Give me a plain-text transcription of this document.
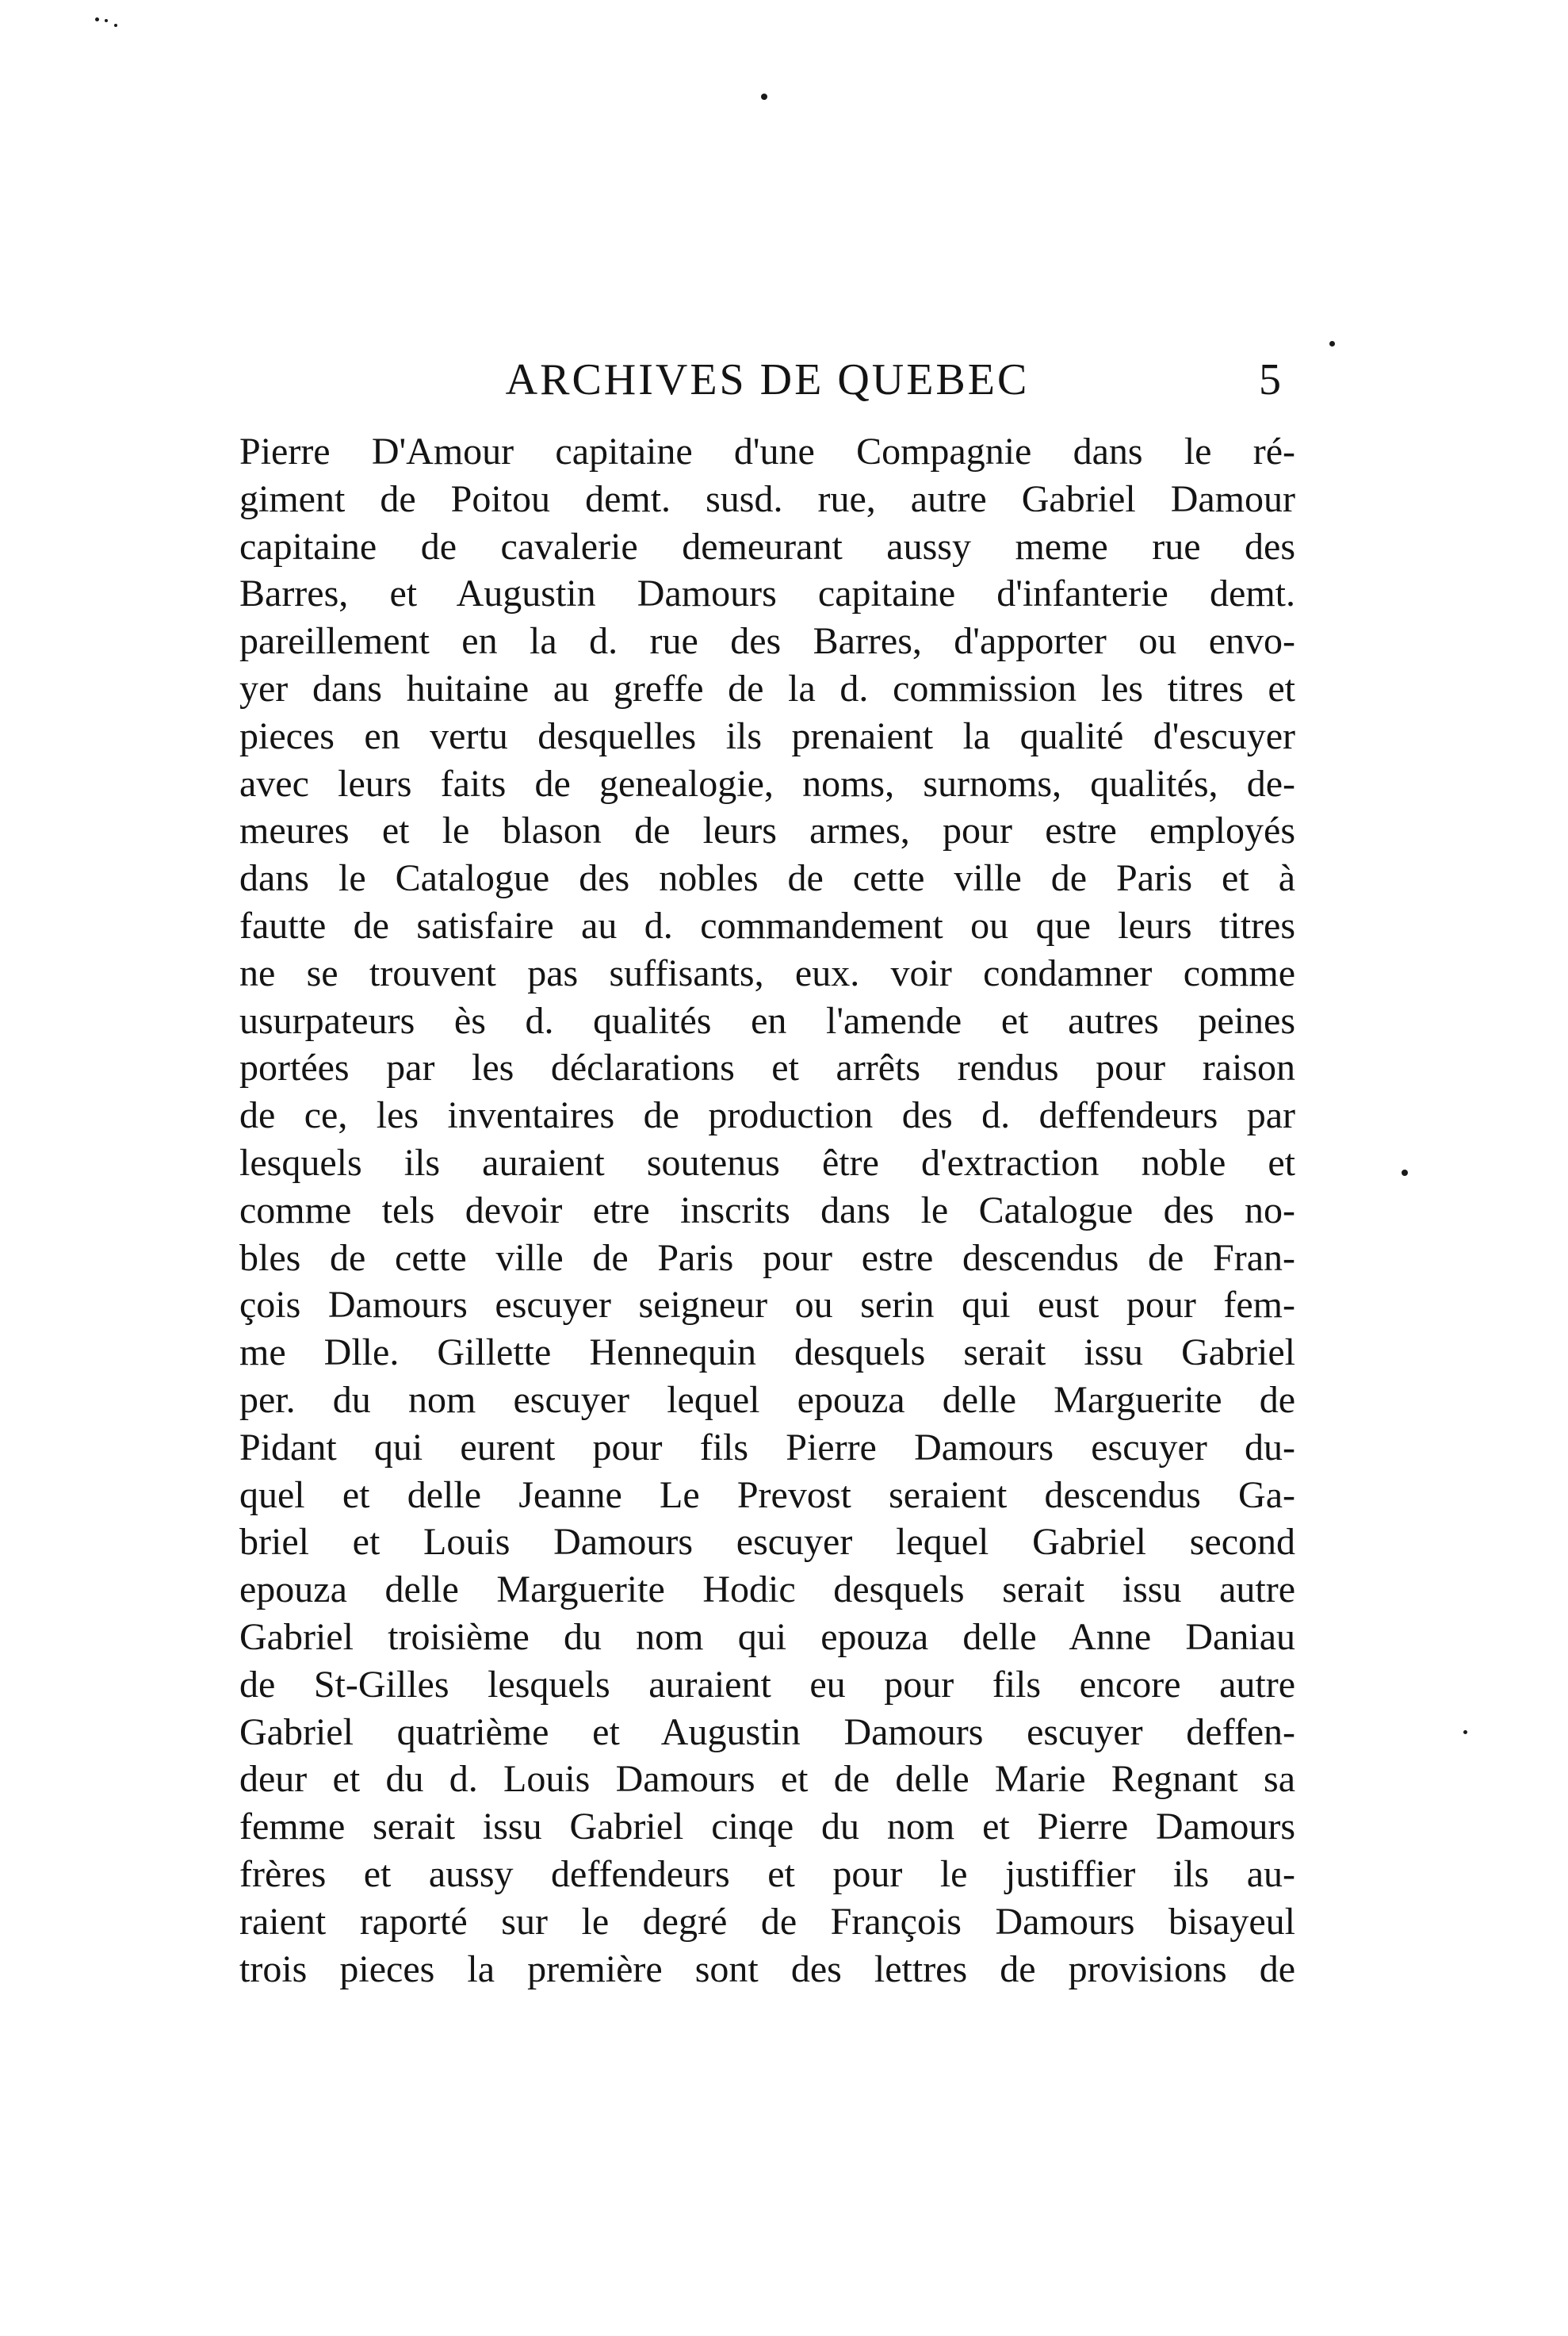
ARCHIVES DE QUEBEC	5
Pierre D'Amour capitaine d'une Compagnie dans le ré-
giment de Poitou demt. susd. rue, autre Gabriel Damour
capitaine de cavalerie demeurant aussy meme rue des
Barres, et Augustin Damours capitaine d'infanterie demt.
pareillement en la d. rue des Barres, d'apporter ou envo-
yer dans huitaine au greffe de la d. commission les titres et
pieces en vertu desquelles ils prenaient la qualité d'escuyer
avec leurs faits de genealogie, noms, surnoms, qualités, de-
meures et le blason de leurs armes, pour estre employés
dans le Catalogue des nobles de cette ville de Paris et à
fautte de satisfaire au d. commandement ou que leurs titres
ne se trouvent pas suffisants, eux. voir condamner comme
usurpateurs ès d. qualités en l'amende et autres peines
portées par les déclarations et arrêts rendus pour raison
de ce, les inventaires de production des d. deffendeurs par
lesquels ils auraient soutenus être d'extraction noble et
comme tels devoir etre inscrits dans le Catalogue des no-
bles de cette ville de Paris pour estre descendus de Fran-
çois Damours escuyer seigneur ou serin qui eust pour fem-
me Dlle. Gillette Hennequin desquels serait issu Gabriel
per. du nom escuyer lequel epouza delle Marguerite de
Pidant qui eurent pour fils Pierre Damours escuyer du-
quel et delle Jeanne Le Prevost seraient descendus Ga-
briel et Louis Damours escuyer lequel Gabriel second
epouza delle Marguerite Hodic desquels serait issu autre
Gabriel troisième du nom qui epouza delle Anne Daniau
de St-Gilles lesquels auraient eu pour fils encore autre
Gabriel quatrième et Augustin Damours escuyer deffen-
deur et du d. Louis Damours et de delle Marie Regnant sa
femme serait issu Gabriel cinqe du nom et Pierre Damours
frères et aussy deffendeurs et pour le justiffier ils au-
raient raporté sur le degré de François Damours bisayeul
trois pieces la première sont des lettres de provisions de
